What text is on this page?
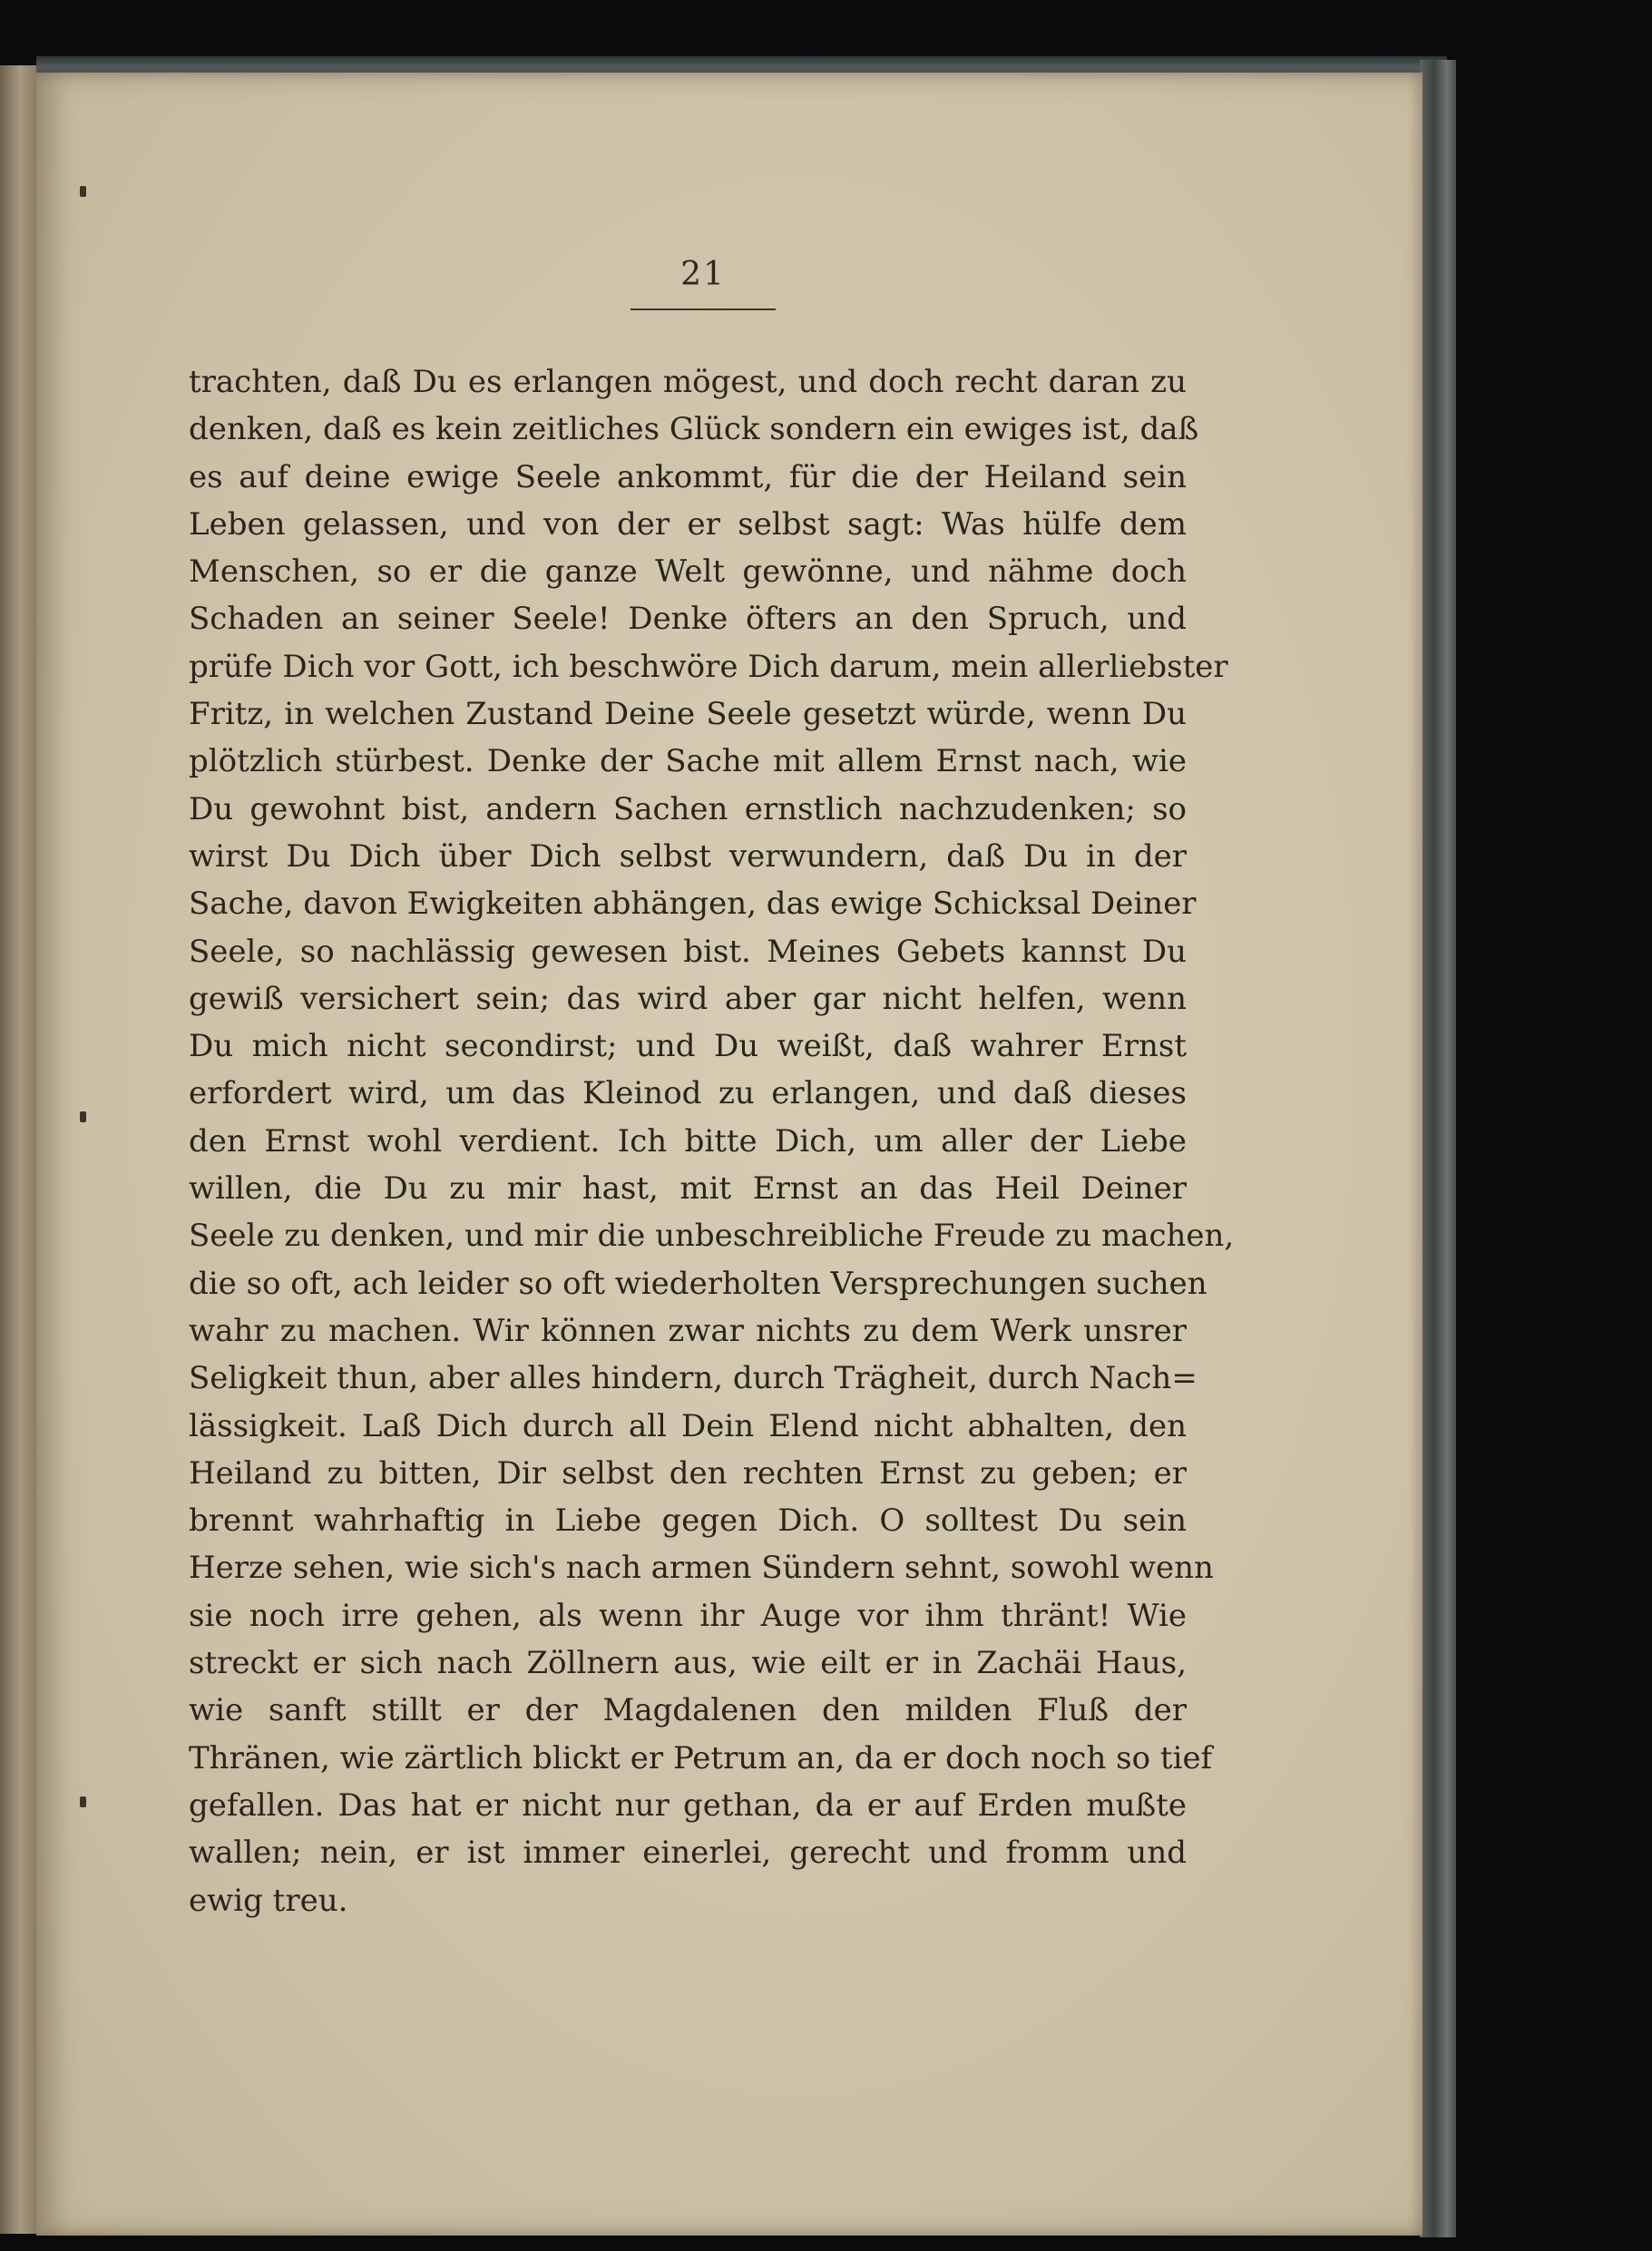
21
trachten, daß Du es erlangen mögest, und doch recht daran zu
denken, daß es kein zeitliches Glück sondern ein ewiges ist, daß
es auf deine ewige Seele ankommt, für die der Heiland sein
Leben gelassen, und von der er selbst sagt: Was hülfe dem
Menschen, so er die ganze Welt gewönne, und nähme doch
Schaden an seiner Seele! Denke öfters an den Spruch, und
prüfe Dich vor Gott, ich beschwöre Dich darum, mein allerliebster
Fritz, in welchen Zustand Deine Seele gesetzt würde, wenn Du
plötzlich stürbest. Denke der Sache mit allem Ernst nach, wie
Du gewohnt bist, andern Sachen ernstlich nachzudenken; so
wirst Du Dich über Dich selbst verwundern, daß Du in der
Sache, davon Ewigkeiten abhängen, das ewige Schicksal Deiner
Seele, so nachlässig gewesen bist. Meines Gebets kannst Du
gewiß versichert sein; das wird aber gar nicht helfen, wenn
Du mich nicht secondirst; und Du weißt, daß wahrer Ernst
erfordert wird, um das Kleinod zu erlangen, und daß dieses
den Ernst wohl verdient. Ich bitte Dich, um aller der Liebe
willen, die Du zu mir hast, mit Ernst an das Heil Deiner
Seele zu denken, und mir die unbeschreibliche Freude zu machen,
die so oft, ach leider so oft wiederholten Versprechungen suchen
wahr zu machen. Wir können zwar nichts zu dem Werk unsrer
Seligkeit thun, aber alles hindern, durch Trägheit, durch Nach=
lässigkeit. Laß Dich durch all Dein Elend nicht abhalten, den
Heiland zu bitten, Dir selbst den rechten Ernst zu geben; er
brennt wahrhaftig in Liebe gegen Dich. O solltest Du sein
Herze sehen, wie sich's nach armen Sündern sehnt, sowohl wenn
sie noch irre gehen, als wenn ihr Auge vor ihm thränt! Wie
streckt er sich nach Zöllnern aus, wie eilt er in Zachäi Haus,
wie sanft stillt er der Magdalenen den milden Fluß der
Thränen, wie zärtlich blickt er Petrum an, da er doch noch so tief
gefallen. Das hat er nicht nur gethan, da er auf Erden mußte
wallen; nein, er ist immer einerlei, gerecht und fromm und
ewig treu.
